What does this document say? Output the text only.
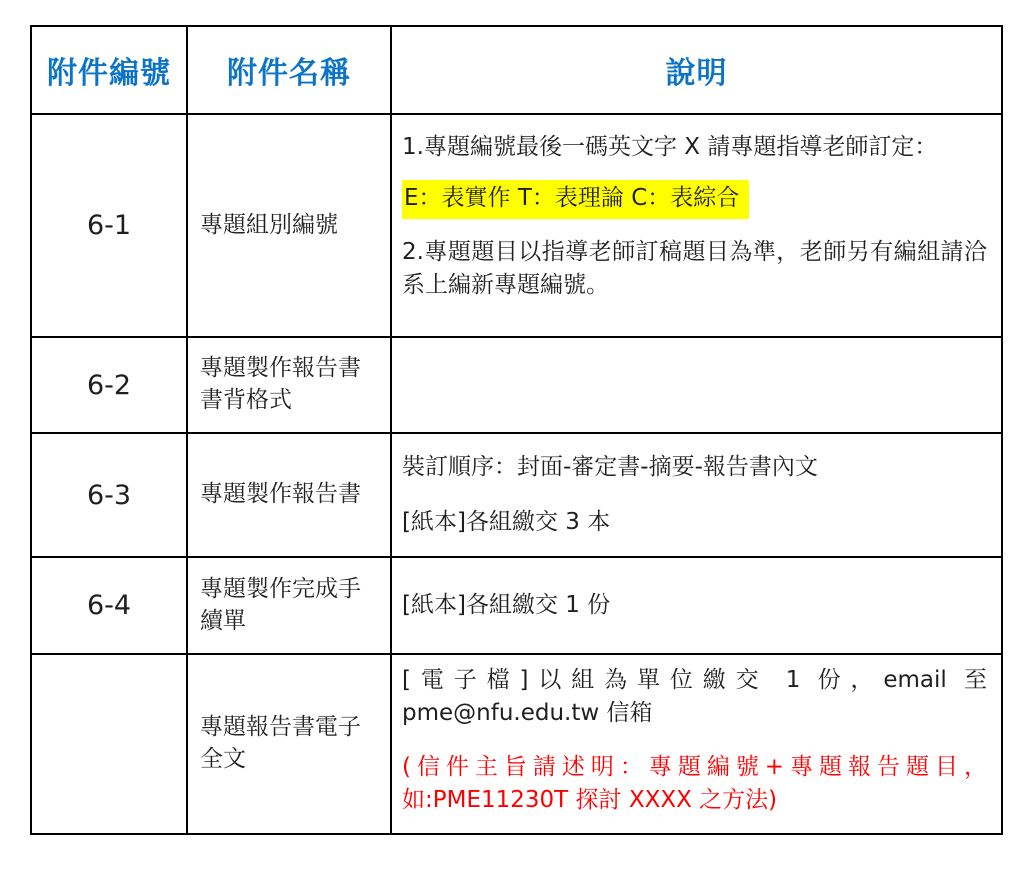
附件編號	附件名稱	說明
6-1	專題組別編號	1.專題編號最後一碼英文字 X 請專題指導老師訂定：

E：表實作 T：表理論 C：表綜合

2.專題題目以指導老師訂稿題目為準，老師另有編組請洽系上編新專題編號。

6-2	專題製作報告書書背格式	
6-3	專題製作報告書	裝訂順序：封面-審定書-摘要-報告書內文

[紙本]各組繳交 3 本

6-4	專題製作完成手續單	[紙本]各組繳交 1 份

	專題報告書電子全文	[電子檔]以組為單位繳交 1 份，email 至 pme@nfu.edu.tw 信箱

(信件主旨請述明：專題編號+專題報告題目，如:PME11230T 探討 XXXX 之方法)
